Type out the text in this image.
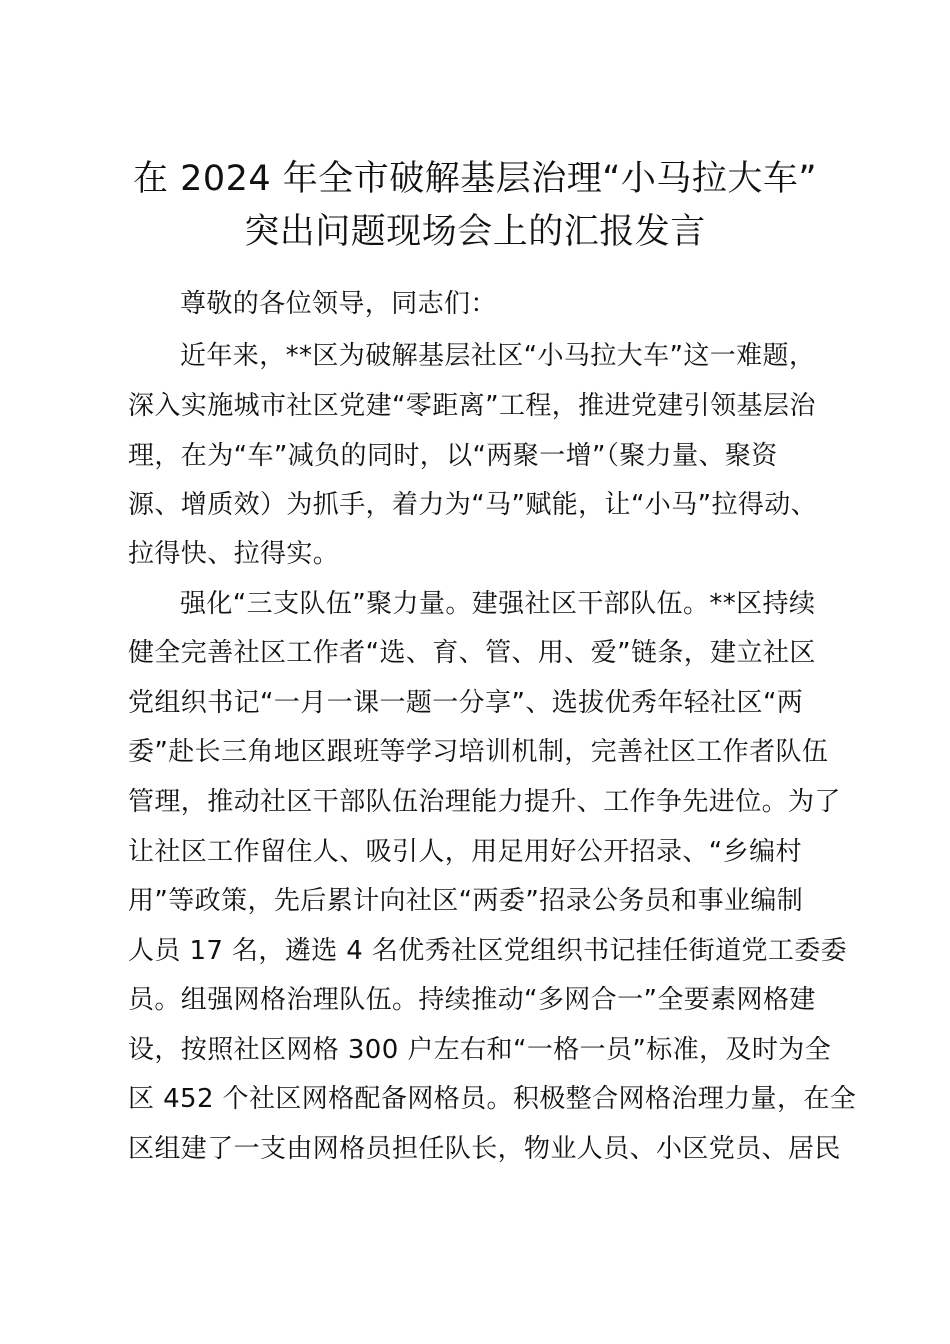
在 2024 年全市破解基层治理“小马拉大车”
突出问题现场会上的汇报发言
尊敬的各位领导，同志们：
近年来，**区为破解基层社区“小马拉大车”这一难题，
深入实施城市社区党建“零距离”工程，推进党建引领基层治
理，在为“车”减负的同时，以“两聚一增”（聚力量、聚资
源、增质效）为抓手，着力为“马”赋能，让“小马”拉得动、
拉得快、拉得实。
强化“三支队伍”聚力量。建强社区干部队伍。**区持续
健全完善社区工作者“选、育、管、用、爱”链条，建立社区
党组织书记“一月一课一题一分享”、选拔优秀年轻社区“两
委”赴长三角地区跟班等学习培训机制，完善社区工作者队伍
管理，推动社区干部队伍治理能力提升、工作争先进位。为了
让社区工作留住人、吸引人，用足用好公开招录、“乡编村
用”等政策，先后累计向社区“两委”招录公务员和事业编制
人员 17 名，遴选 4 名优秀社区党组织书记挂任街道党工委委
员。组强网格治理队伍。持续推动“多网合一”全要素网格建
设，按照社区网格 300 户左右和“一格一员”标准，及时为全
区 452 个社区网格配备网格员。积极整合网格治理力量，在全
区组建了一支由网格员担任队长，物业人员、小区党员、居民
